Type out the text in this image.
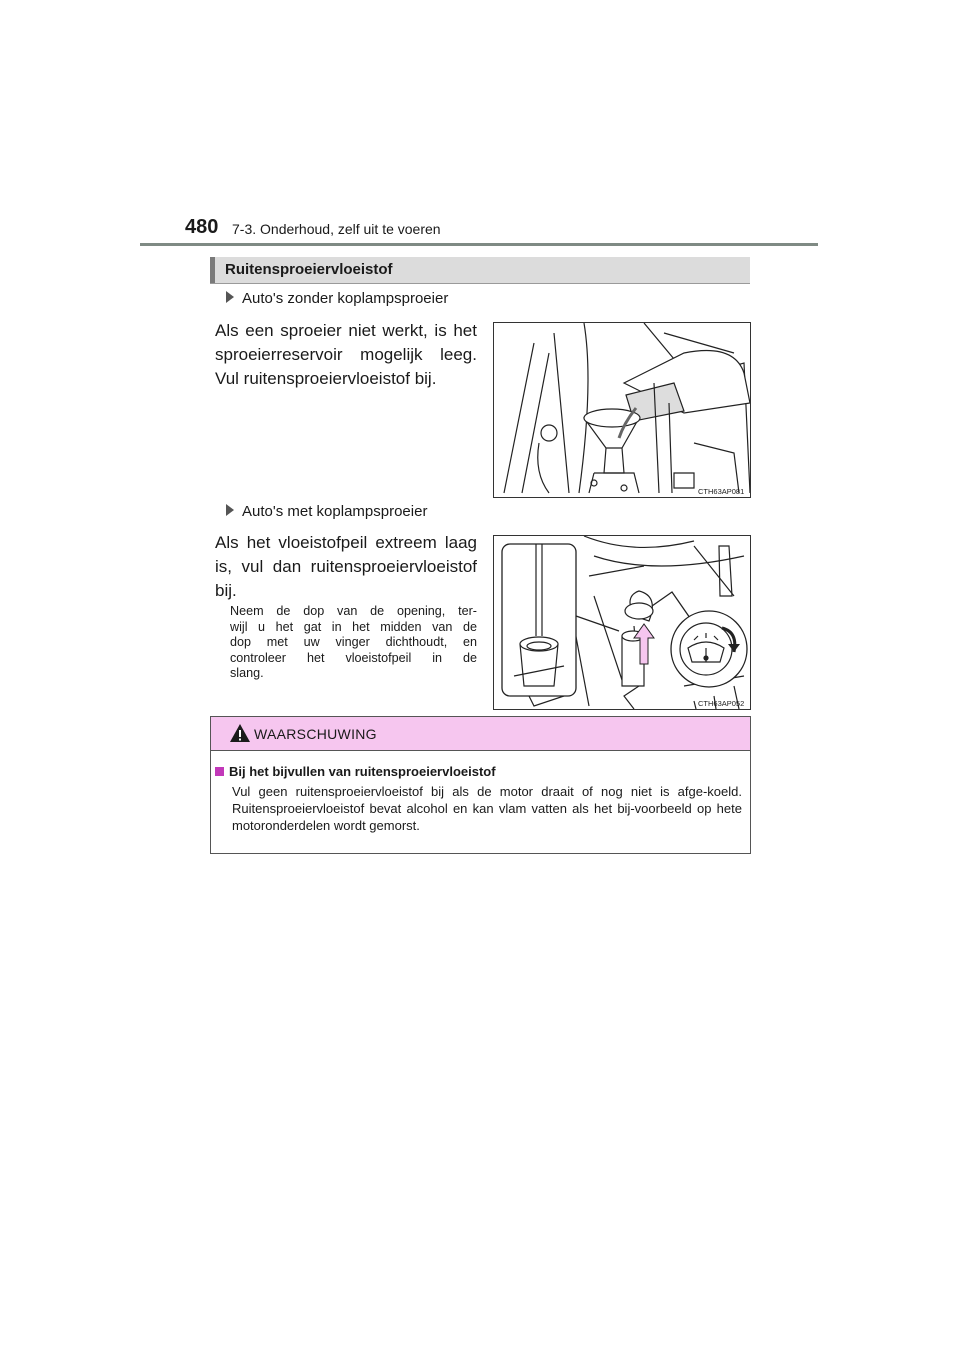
480 7-3. Onderhoud, zelf uit te voeren
Ruitensproeiervloeistof
Auto's zonder koplampsproeier
Als een sproeier niet werkt, is het
sproeierreservoir mogelijk leeg.
Vul ruitensproeiervloeistof bij.
CTH63AP081
Auto's met koplampsproeier
Als het vloeistofpeil extreem laag
is, vul dan ruitensproeiervloeistof
bij.
Neem de dop van de opening, ter-
wijl u het gat in het midden van de
dop met uw vinger dichthoudt, en
controleer het vloeistofpeil in de
slang.
CTH63AP052
WAARSCHUWING
Bij het bijvullen van ruitensproeiervloeistof
Vul geen ruitensproeiervloeistof bij als de motor draait of nog niet is afge-koeld. Ruitensproeiervloeistof bevat alcohol en kan vlam vatten als het bij-voorbeeld op hete motoronderdelen wordt gemorst.
